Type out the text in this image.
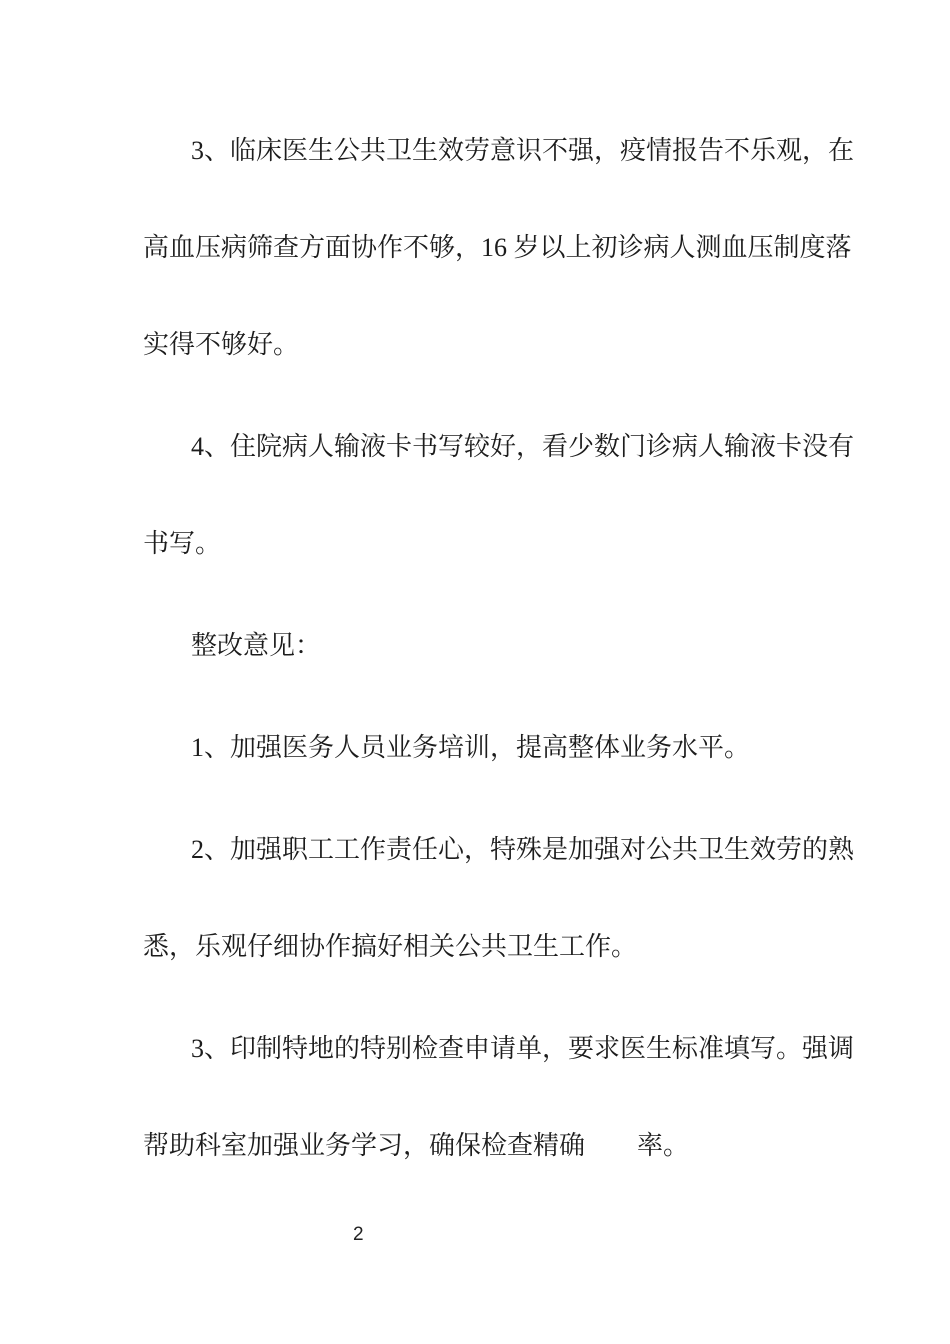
3、临床医生公共卫生效劳意识不强，疫情报告不乐观，在
高血压病筛查方面协作不够，16 岁以上初诊病人测血压制度落
实得不够好。
4、住院病人输液卡书写较好，看少数门诊病人输液卡没有
书写。
整改意见：
1、加强医务人员业务培训，提高整体业务水平。
2、加强职工工作责任心，特殊是加强对公共卫生效劳的熟
悉，乐观仔细协作搞好相关公共卫生工作。
3、印制特地的特别检查申请单，要求医生标准填写。强调
帮助科室加强业务学习，确保检查精确　　率。
2
